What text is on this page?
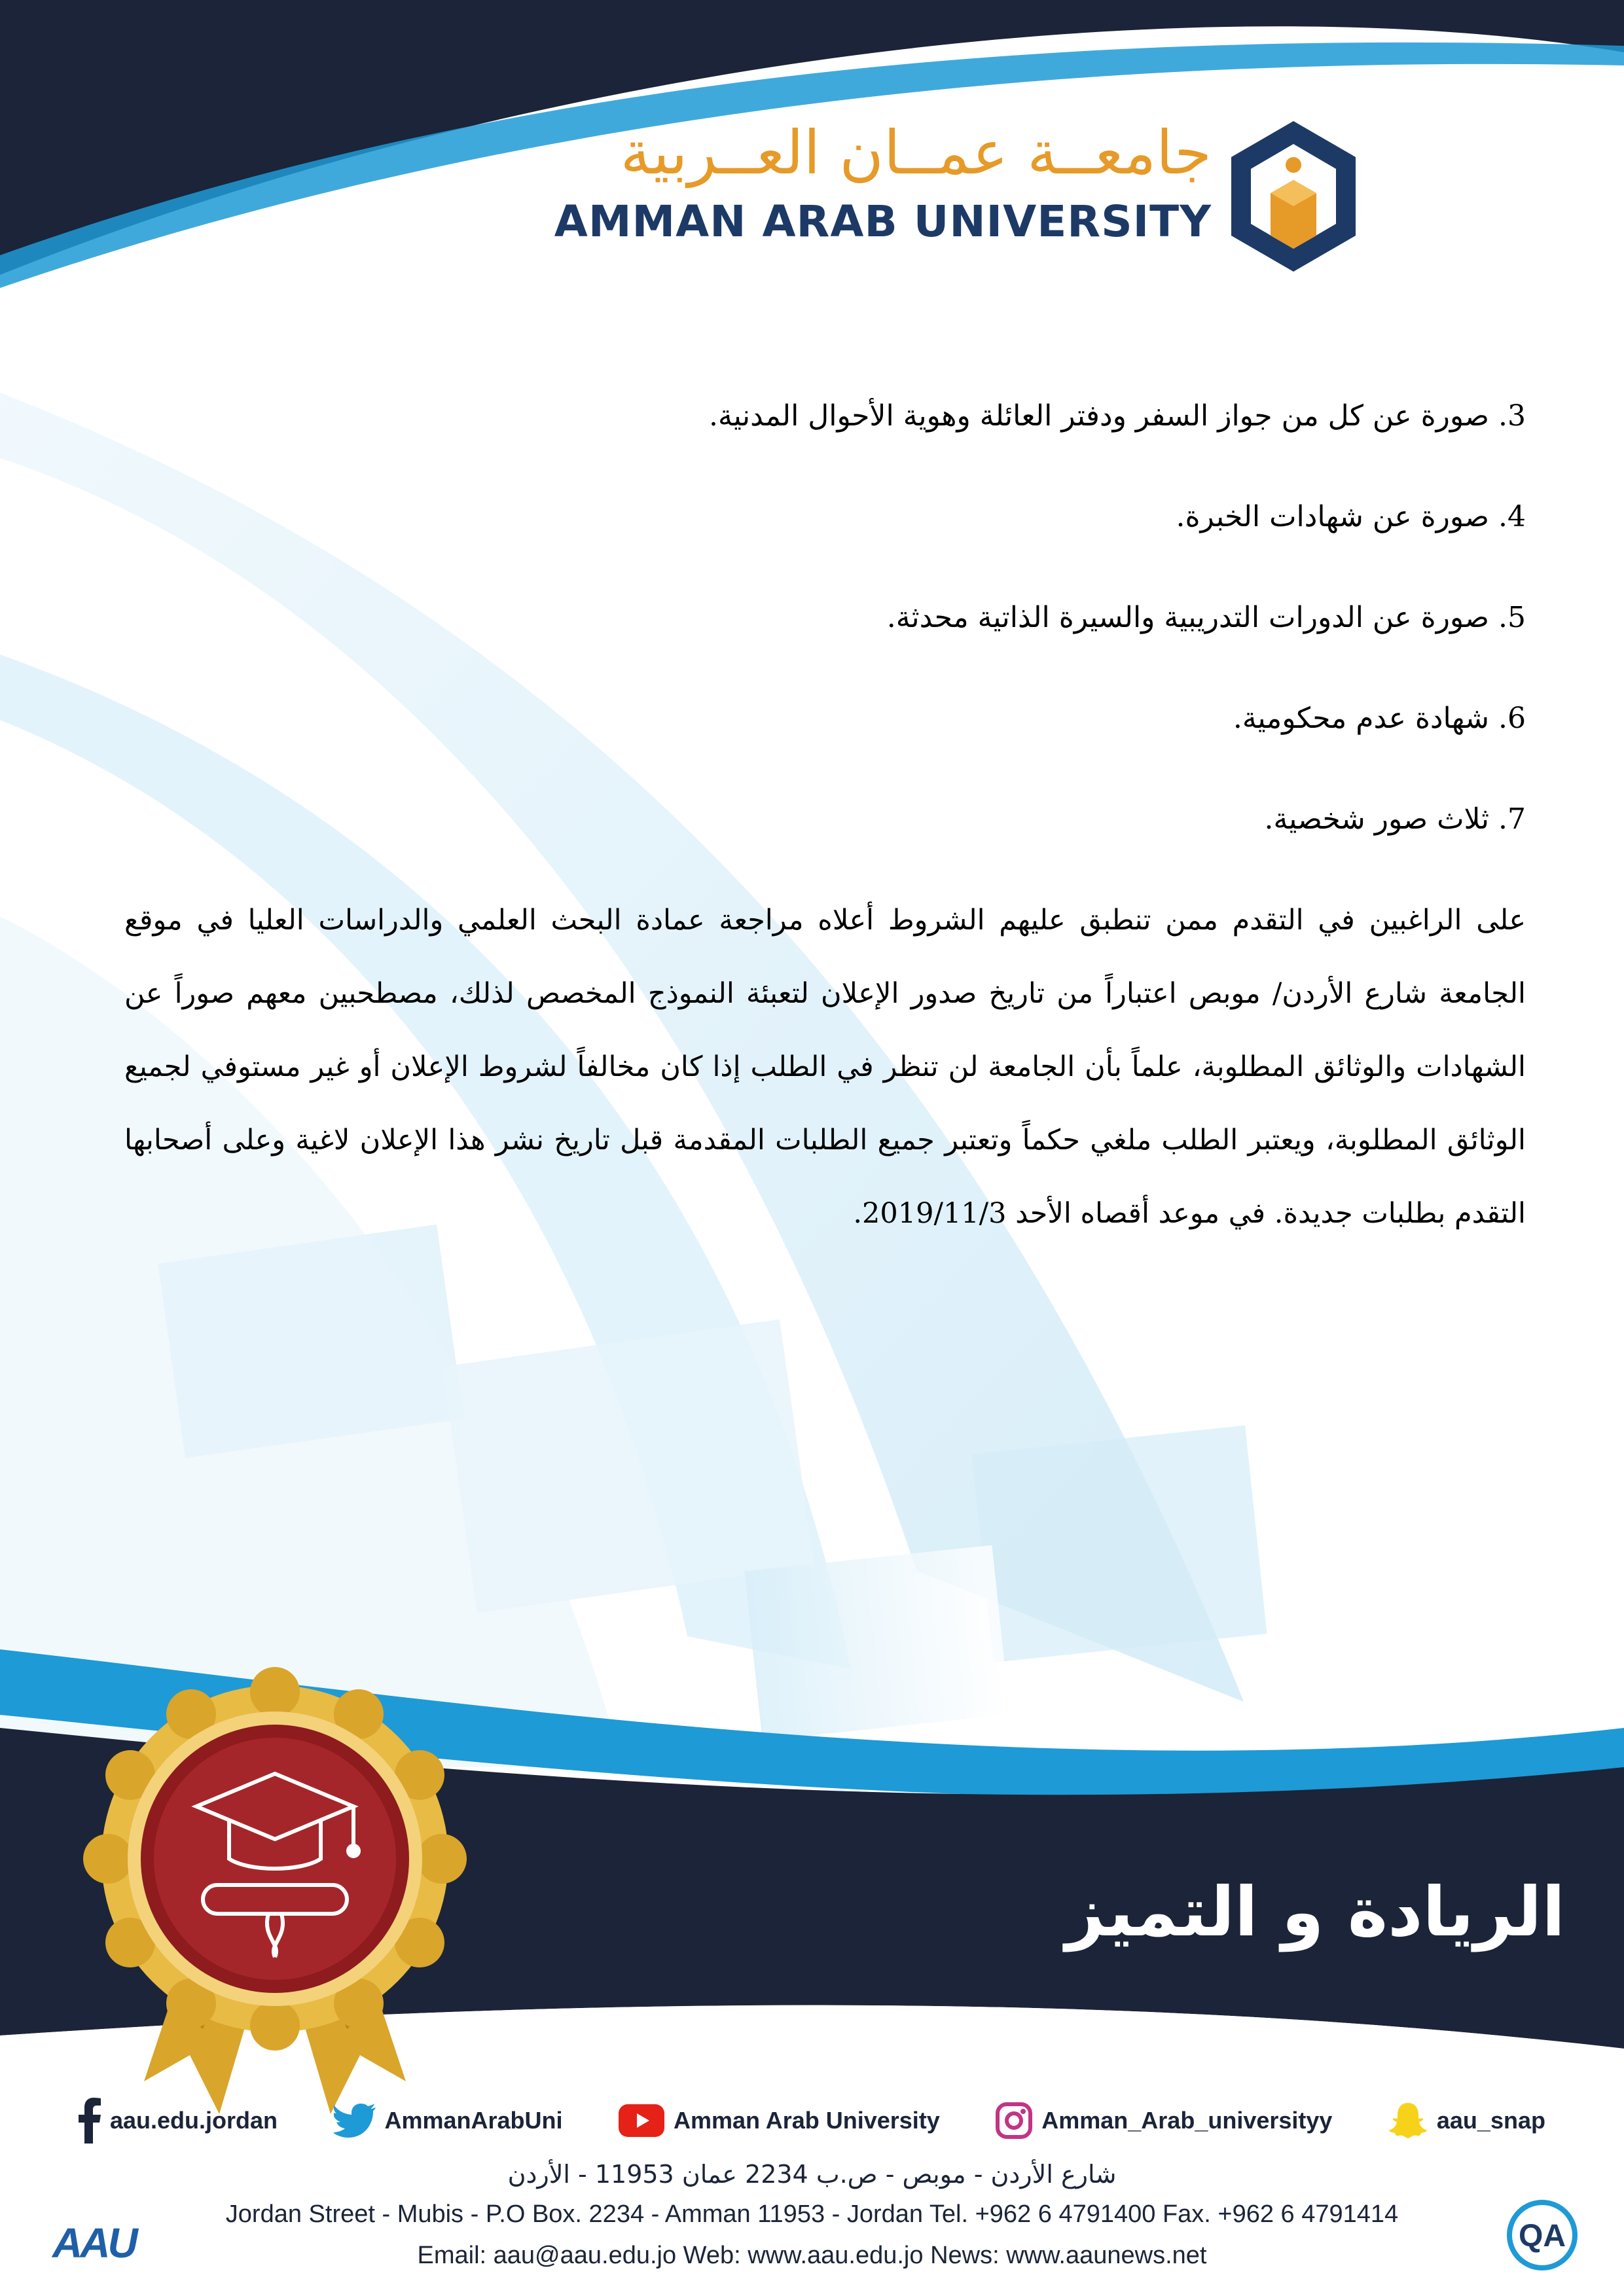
جامعــة عمــان العــربية
AMMAN ARAB UNIVERSITY
3. صورة عن كل من جواز السفر ودفتر العائلة وهوية الأحوال المدنية.
4. صورة عن شهادات الخبرة.
5. صورة عن الدورات التدريبية والسيرة الذاتية محدثة.
6. شهادة عدم محكومية.
7. ثلاث صور شخصية.
على الراغبين في التقدم ممن تنطبق عليهم الشروط أعلاه مراجعة عمادة البحث العلمي والدراسات العليا في موقع الجامعة شارع الأردن/ موبص اعتباراً من تاريخ صدور الإعلان لتعبئة النموذج المخصص لذلك، مصطحبين معهم صوراً عن الشهادات والوثائق المطلوبة، علماً بأن الجامعة لن تنظر في الطلب إذا كان مخالفاً لشروط الإعلان أو غير مستوفي لجميع الوثائق المطلوبة، ويعتبر الطلب ملغي حكماً وتعتبر جميع الطلبات المقدمة قبل تاريخ نشر هذا الإعلان لاغية وعلى أصحابها التقدم بطلبات جديدة. في موعد أقصاه الأحد 2019/11/3.
الريادة و التميز
aau.edu.jordan	AmmanArabUni	Amman Arab University	Amman_Arab_universityy	aau_snap
شارع الأردن - موبص - ص.ب 2234 عمان 11953 - الأردن
Jordan Street - Mubis - P.O Box. 2234 - Amman 11953 - Jordan Tel. +962 6 4791400 Fax. +962 6 4791414
Email: aau@aau.edu.jo Web: www.aau.edu.jo News: www.aaunews.net
AAU	QA
